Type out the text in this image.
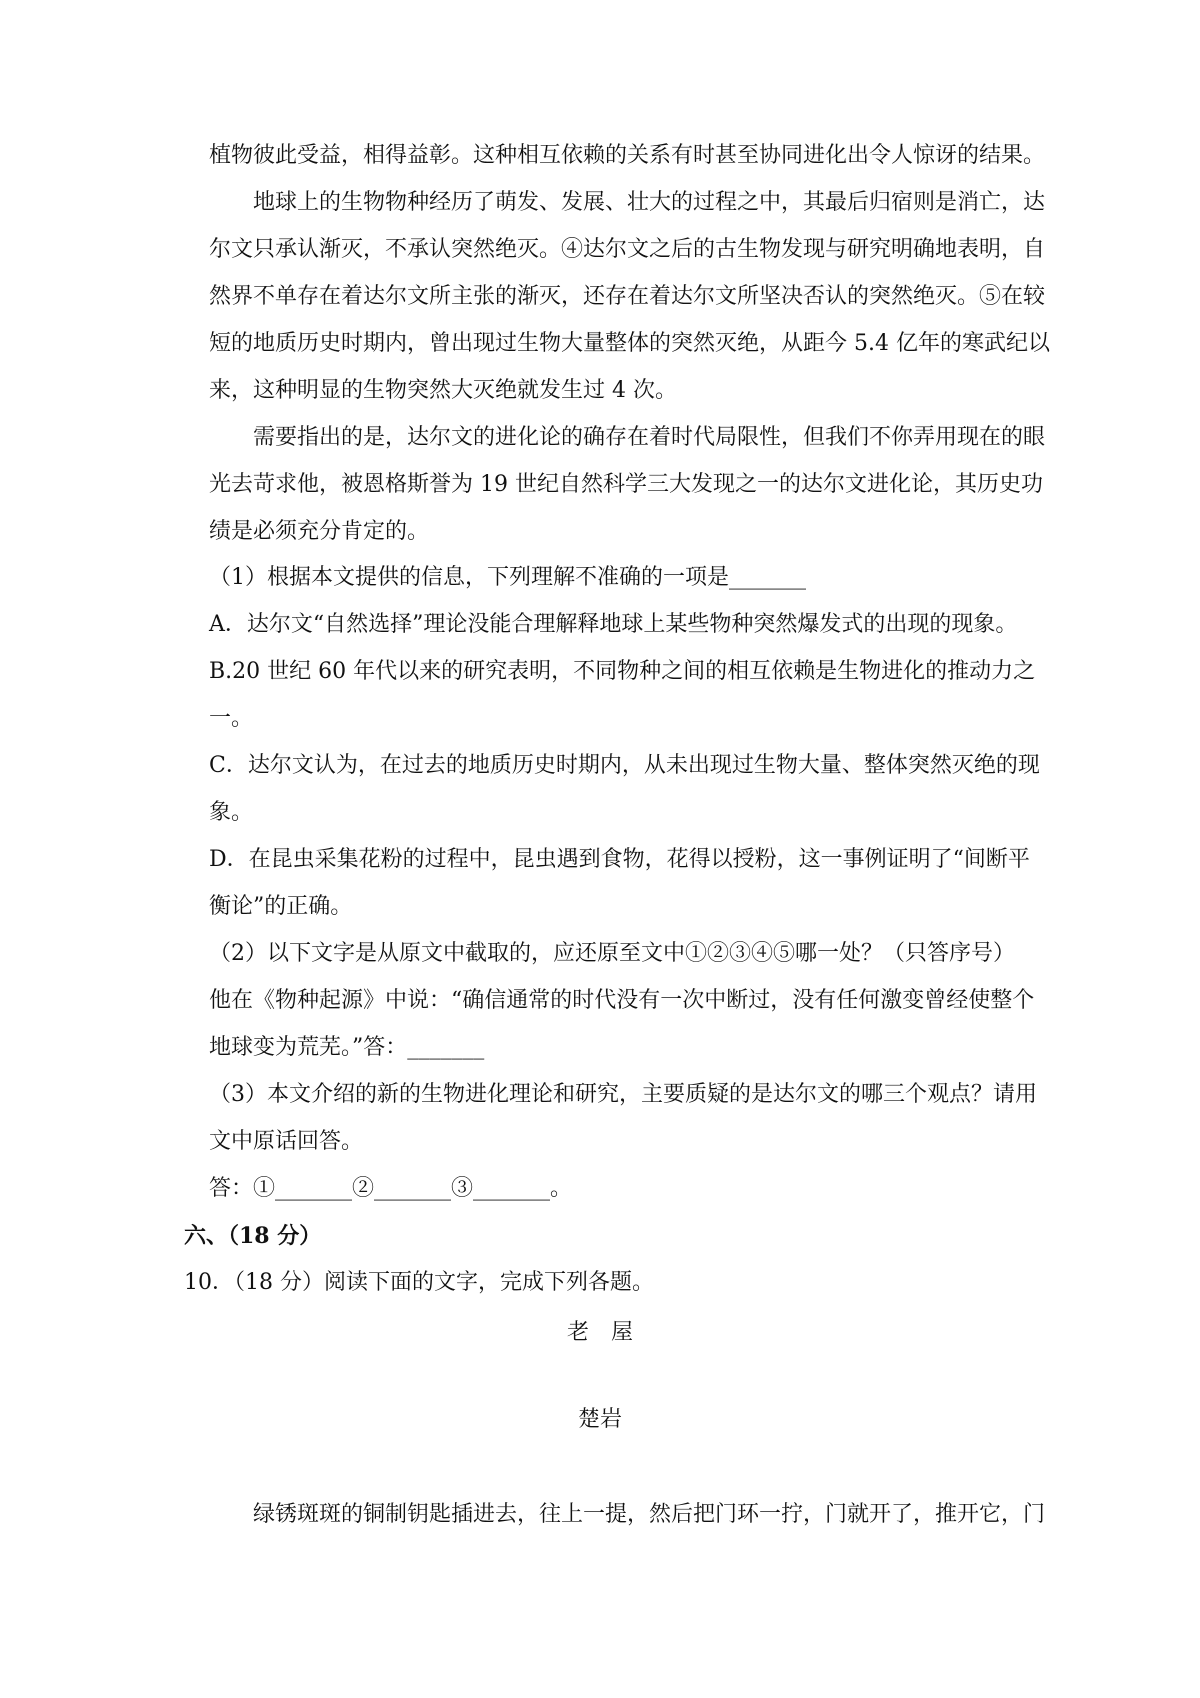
植物彼此受益，相得益彰。这种相互依赖的关系有时甚至协同进化出令人惊讶的结果。
地球上的生物物种经历了萌发、发展、壮大的过程之中，其最后归宿则是消亡，达
尔文只承认渐灭，不承认突然绝灭。④达尔文之后的古生物发现与研究明确地表明，自
然界不单存在着达尔文所主张的渐灭，还存在着达尔文所坚决否认的突然绝灭。⑤在较
短的地质历史时期内，曾出现过生物大量整体的突然灭绝，从距今 5.4 亿年的寒武纪以
来，这种明显的生物突然大灭绝就发生过 4 次。
需要指出的是，达尔文的进化论的确存在着时代局限性，但我们不你弄用现在的眼
光去苛求他，被恩格斯誉为 19 世纪自然科学三大发现之一的达尔文进化论，其历史功
绩是必须充分肯定的。
（1）根据本文提供的信息，下列理解不准确的一项是_______
A．达尔文“自然选择”理论没能合理解释地球上某些物种突然爆发式的出现的现象。
B.20 世纪 60 年代以来的研究表明，不同物种之间的相互依赖是生物进化的推动力之
一。
C．达尔文认为，在过去的地质历史时期内，从未出现过生物大量、整体突然灭绝的现
象。
D．在昆虫采集花粉的过程中，昆虫遇到食物，花得以授粉，这一事例证明了“间断平
衡论”的正确。
（2）以下文字是从原文中截取的，应还原至文中①②③④⑤哪一处？（只答序号）
他在《物种起源》中说：“确信通常的时代没有一次中断过，没有任何激变曾经使整个
地球变为荒芜。”答：_______
（3）本文介绍的新的生物进化理论和研究，主要质疑的是达尔文的哪三个观点？请用
文中原话回答。
答：①_______②_______③_______。
六、（18 分）
10．（18 分）阅读下面的文字，完成下列各题。
老　屋
楚岩
绿锈斑斑的铜制钥匙插进去，往上一提，然后把门环一拧，门就开了，推开它，门
